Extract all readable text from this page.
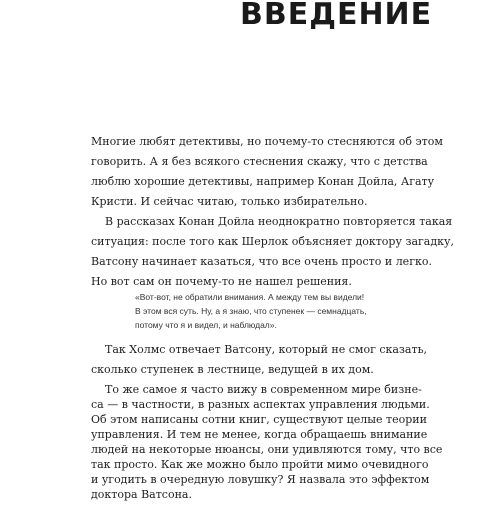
ВВЕДЕНИЕ
Многие любят детективы, но почему-то стесняются об этом
говорить. А я без всякого стеснения скажу, что с детства
люблю хорошие детективы, например Конан Дойла, Агату
Кристи. И сейчас читаю, только избирательно.
В рассказах Конан Дойла неоднократно повторяется такая
ситуация: после того как Шерлок объясняет доктору загадку,
Ватсону начинает казаться, что все очень просто и легко.
Но вот сам он почему-то не нашел решения.
«Вот-вот, не обратили внимания. А между тем вы видели!
В этом вся суть. Ну, а я знаю, что ступенек — семнадцать,
потому что я и видел, и наблюдал».
Так Холмс отвечает Ватсону, который не смог сказать,
сколько ступенек в лестнице, ведущей в их дом.
То же самое я часто вижу в современном мире бизне-
са — в частности, в разных аспектах управления людьми.
Об этом написаны сотни книг, существуют целые теории
управления. И тем не менее, когда обращаешь внимание
людей на некоторые нюансы, они удивляются тому, что все
так просто. Как же можно было пройти мимо очевидного
и угодить в очередную ловушку? Я назвала это эффектом
доктора Ватсона.
